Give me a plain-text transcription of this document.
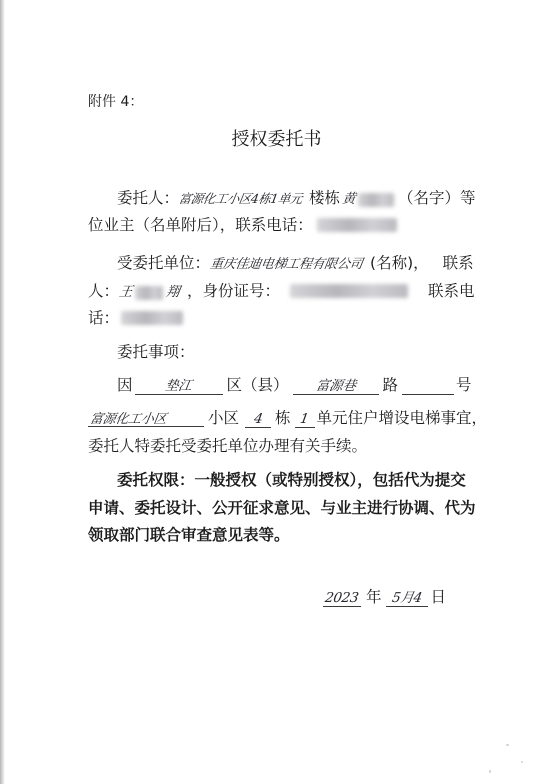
附件 4：
授权委托书
委托人：
富源化工小区4栋1单元 楼栋 黄	（名字）等
位业主（名单附后），联系电话：
受委托单位：
重庆佳迪电梯工程有限公司 (名称)， 联系
人：
王 翔 ，身份证号：	联系电
话：
委托事项：
因	垫江	区（县）	富源巷	路	号
富源化工小区	小区	4 栋 1 单元住户增设电梯事宜，
委托人特委托受委托单位办理有关手续。
委托权限：一般授权（或特别授权），包括代为提交
申请、委托设计、公开征求意见、与业主进行协调、代为
领取部门联合审查意见表等。
2023 年 5月4 日
